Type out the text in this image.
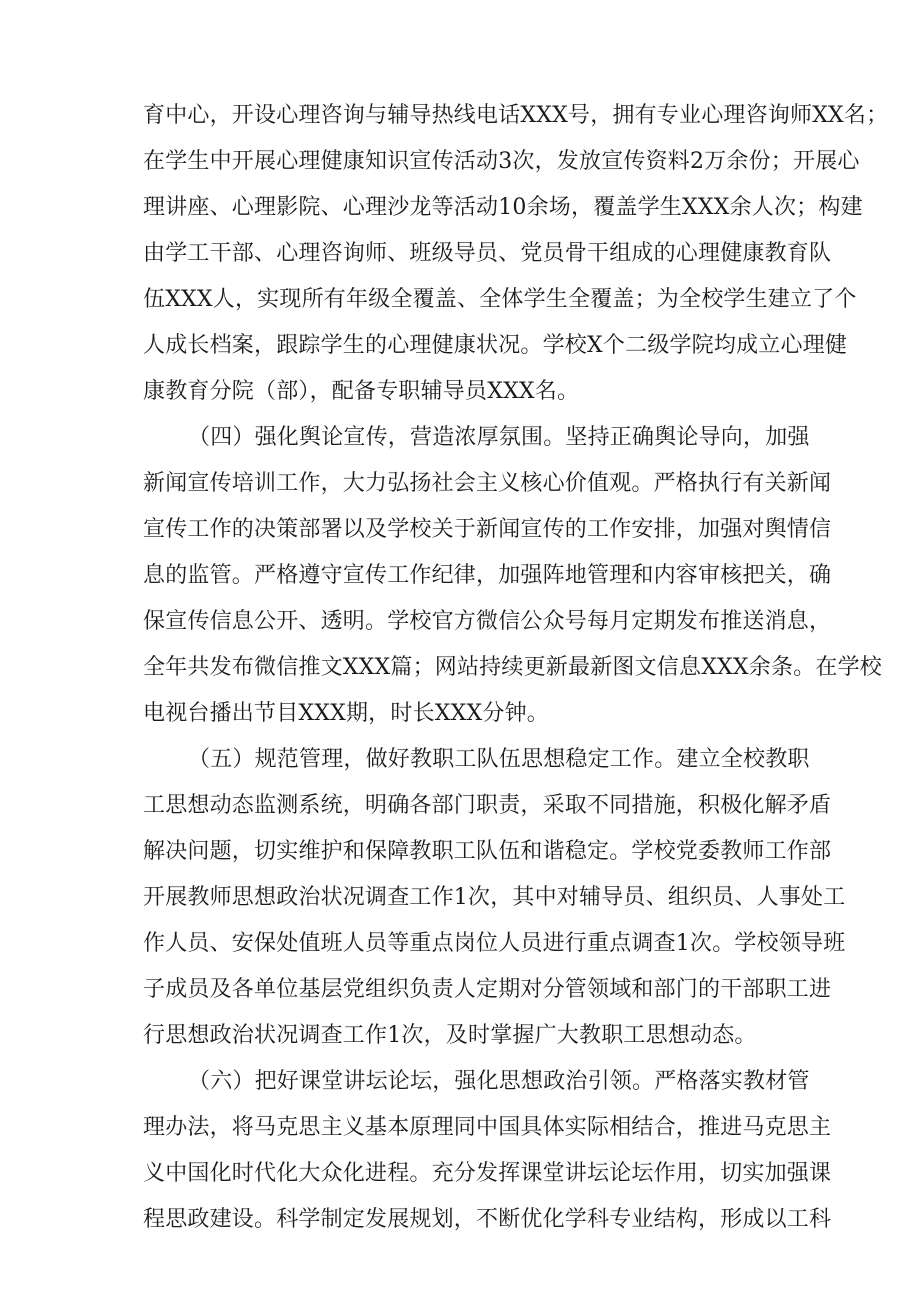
育中心，开设心理咨询与辅导热线电话XXX号，拥有专业心理咨询师XX名；
在学生中开展心理健康知识宣传活动3次，发放宣传资料2万余份；开展心
理讲座、心理影院、心理沙龙等活动10余场，覆盖学生XXX余人次；构建
由学工干部、心理咨询师、班级导员、党员骨干组成的心理健康教育队
伍XXX人，实现所有年级全覆盖、全体学生全覆盖；为全校学生建立了个
人成长档案，跟踪学生的心理健康状况。学校X个二级学院均成立心理健
康教育分院（部），配备专职辅导员XXX名。
（四）强化舆论宣传，营造浓厚氛围。坚持正确舆论导向，加强
新闻宣传培训工作，大力弘扬社会主义核心价值观。严格执行有关新闻
宣传工作的决策部署以及学校关于新闻宣传的工作安排，加强对舆情信
息的监管。严格遵守宣传工作纪律，加强阵地管理和内容审核把关，确
保宣传信息公开、透明。学校官方微信公众号每月定期发布推送消息，
全年共发布微信推文XXX篇；网站持续更新最新图文信息XXX余条。在学校
电视台播出节目XXX期，时长XXX分钟。
（五）规范管理，做好教职工队伍思想稳定工作。建立全校教职
工思想动态监测系统，明确各部门职责，采取不同措施，积极化解矛盾
解决问题，切实维护和保障教职工队伍和谐稳定。学校党委教师工作部
开展教师思想政治状况调查工作1次，其中对辅导员、组织员、人事处工
作人员、安保处值班人员等重点岗位人员进行重点调查1次。学校领导班
子成员及各单位基层党组织负责人定期对分管领域和部门的干部职工进
行思想政治状况调查工作1次，及时掌握广大教职工思想动态。
（六）把好课堂讲坛论坛，强化思想政治引领。严格落实教材管
理办法，将马克思主义基本原理同中国具体实际相结合，推进马克思主
义中国化时代化大众化进程。充分发挥课堂讲坛论坛作用，切实加强课
程思政建设。科学制定发展规划，不断优化学科专业结构，形成以工科
